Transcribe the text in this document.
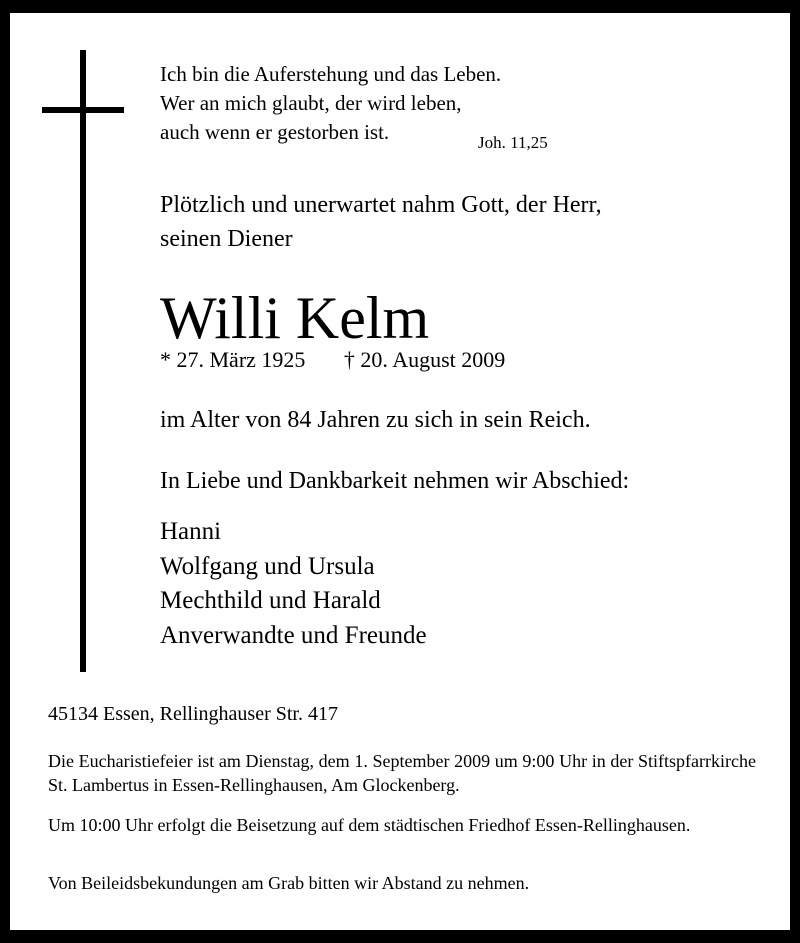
Ich bin die Auferstehung und das Leben.
Wer an mich glaubt, der wird leben,
auch wenn er gestorben ist.	Joh. 11,25
Plötzlich und unerwartet nahm Gott, der Herr,
seinen Diener
Willi Kelm
* 27. März 1925 † 20. August 2009
im Alter von 84 Jahren zu sich in sein Reich.
In Liebe und Dankbarkeit nehmen wir Abschied:
Hanni
Wolfgang und Ursula
Mechthild und Harald
Anverwandte und Freunde
45134 Essen, Rellinghauser Str. 417
Die Eucharistiefeier ist am Dienstag, dem 1. September 2009 um 9:00 Uhr in der Stiftspfarrkirche St. Lambertus in Essen-Rellinghausen, Am Glockenberg.
Um 10:00 Uhr erfolgt die Beisetzung auf dem städtischen Friedhof Essen-Rellinghausen.
Von Beileidsbekundungen am Grab bitten wir Abstand zu nehmen.
